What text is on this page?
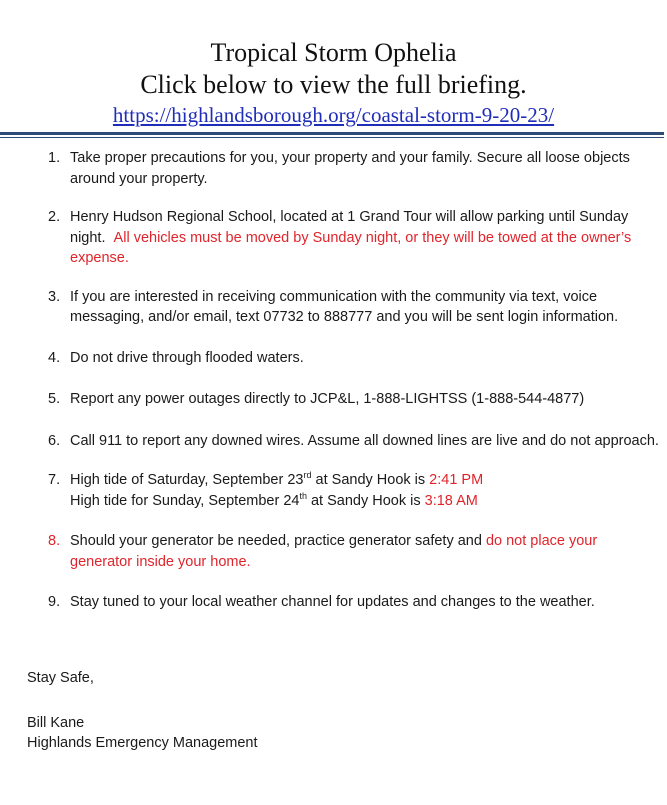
Tropical Storm Ophelia
Click below to view the full briefing.
https://highlandsborough.org/coastal-storm-9-20-23/
1. Take proper precautions for you, your property and your family. Secure all loose objects around your property.
2. Henry Hudson Regional School, located at 1 Grand Tour will allow parking until Sunday night. All vehicles must be moved by Sunday night, or they will be towed at the owner’s expense.
3. If you are interested in receiving communication with the community via text, voice messaging, and/or email, text 07732 to 888777 and you will be sent login information.
4. Do not drive through flooded waters.
5. Report any power outages directly to JCP&L, 1-888-LIGHTSS (1-888-544-4877)
6. Call 911 to report any downed wires. Assume all downed lines are live and do not approach.
7. High tide of Saturday, September 23rd at Sandy Hook is 2:41 PM
High tide for Sunday, September 24th at Sandy Hook is 3:18 AM
8. Should your generator be needed, practice generator safety and do not place your generator inside your home.
9. Stay tuned to your local weather channel for updates and changes to the weather.

Stay Safe,

Bill Kane

Highlands Emergency Management
